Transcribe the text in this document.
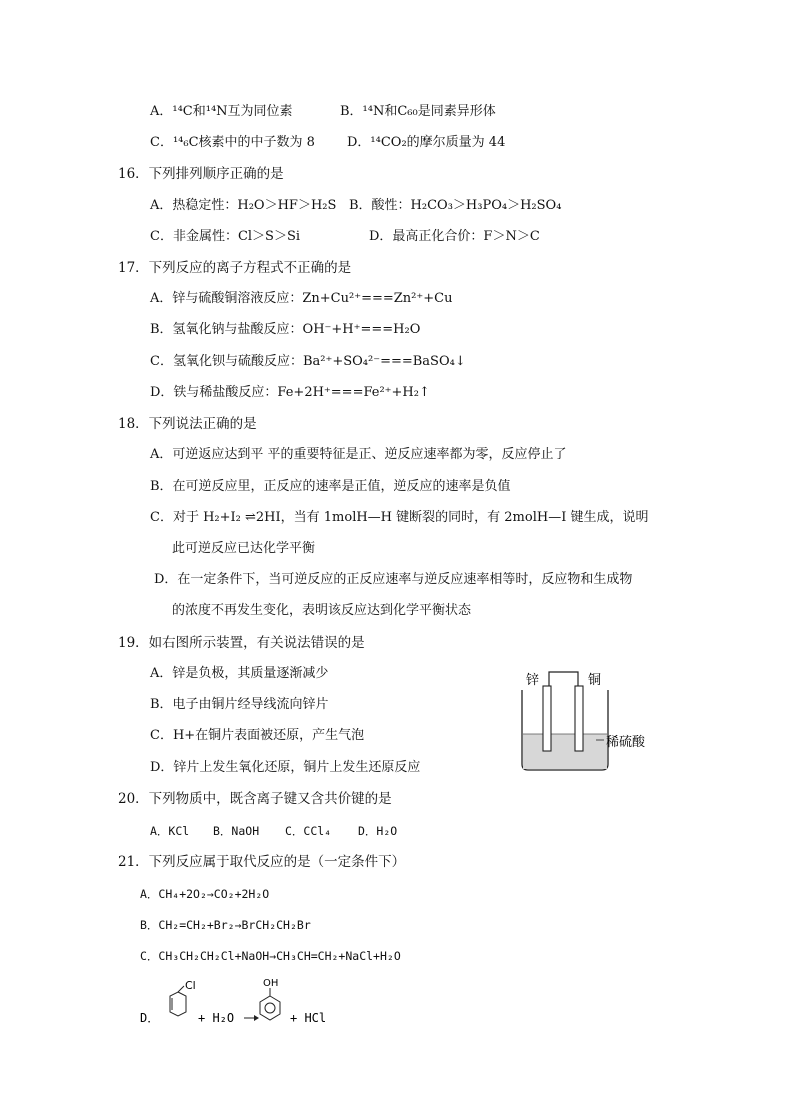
A．¹⁴C和¹⁴N互为同位素	B．¹⁴N和C₆₀是同素异形体
C．¹⁴₆C核素中的中子数为 8 D．¹⁴CO₂的摩尔质量为 44
16．下列排列顺序正确的是
A．热稳定性：H₂O＞HF＞H₂S B．酸性：H₂CO₃＞H₃PO₄＞H₂SO₄
C．非金属性：Cl＞S＞Si	D．最高正化合价：F＞N＞C
17．下列反应的离子方程式不正确的是
A．锌与硫酸铜溶液反应：Zn+Cu²⁺===Zn²⁺+Cu
B．氢氧化钠与盐酸反应：OH⁻+H⁺===H₂O
C．氢氧化钡与硫酸反应：Ba²⁺+SO₄²⁻===BaSO₄↓
D．铁与稀盐酸反应：Fe+2H⁺===Fe²⁺+H₂↑
18．下列说法正确的是
A．可逆返应达到平 平的重要特征是正、逆反应速率都为零，反应停止了
B．在可逆反应里，正反应的速率是正值，逆反应的速率是负值
C．对于 H₂+I₂ ⇌2HI，当有 1molH—H 键断裂的同时，有 2molH—I 键生成，说明
此可逆反应已达化学平衡
D．在一定条件下，当可逆反应的正反应速率与逆反应速率相等时，反应物和生成物
的浓度不再发生变化，表明该反应达到化学平衡状态
19．如右图所示装置，有关说法错误的是
A．锌是负极，其质量逐渐减少
B．电子由铜片经导线流向锌片
C．H+在铜片表面被还原，产生气泡
D．锌片上发生氧化还原，铜片上发生还原反应
锌	铜
稀硫酸
20．下列物质中，既含离子键又含共价键的是
A．KCl B．NaOH C．CCl₄ D．H₂O
21．下列反应属于取代反应的是（一定条件下）
A．CH₄+2O₂→CO₂+2H₂O
B．CH₂=CH₂+Br₂→BrCH₂CH₂Br
C．CH₃CH₂CH₂Cl+NaOH→CH₃CH=CH₂+NaCl+H₂O
D．
Cl
+ H₂O
OH
+ HCl
